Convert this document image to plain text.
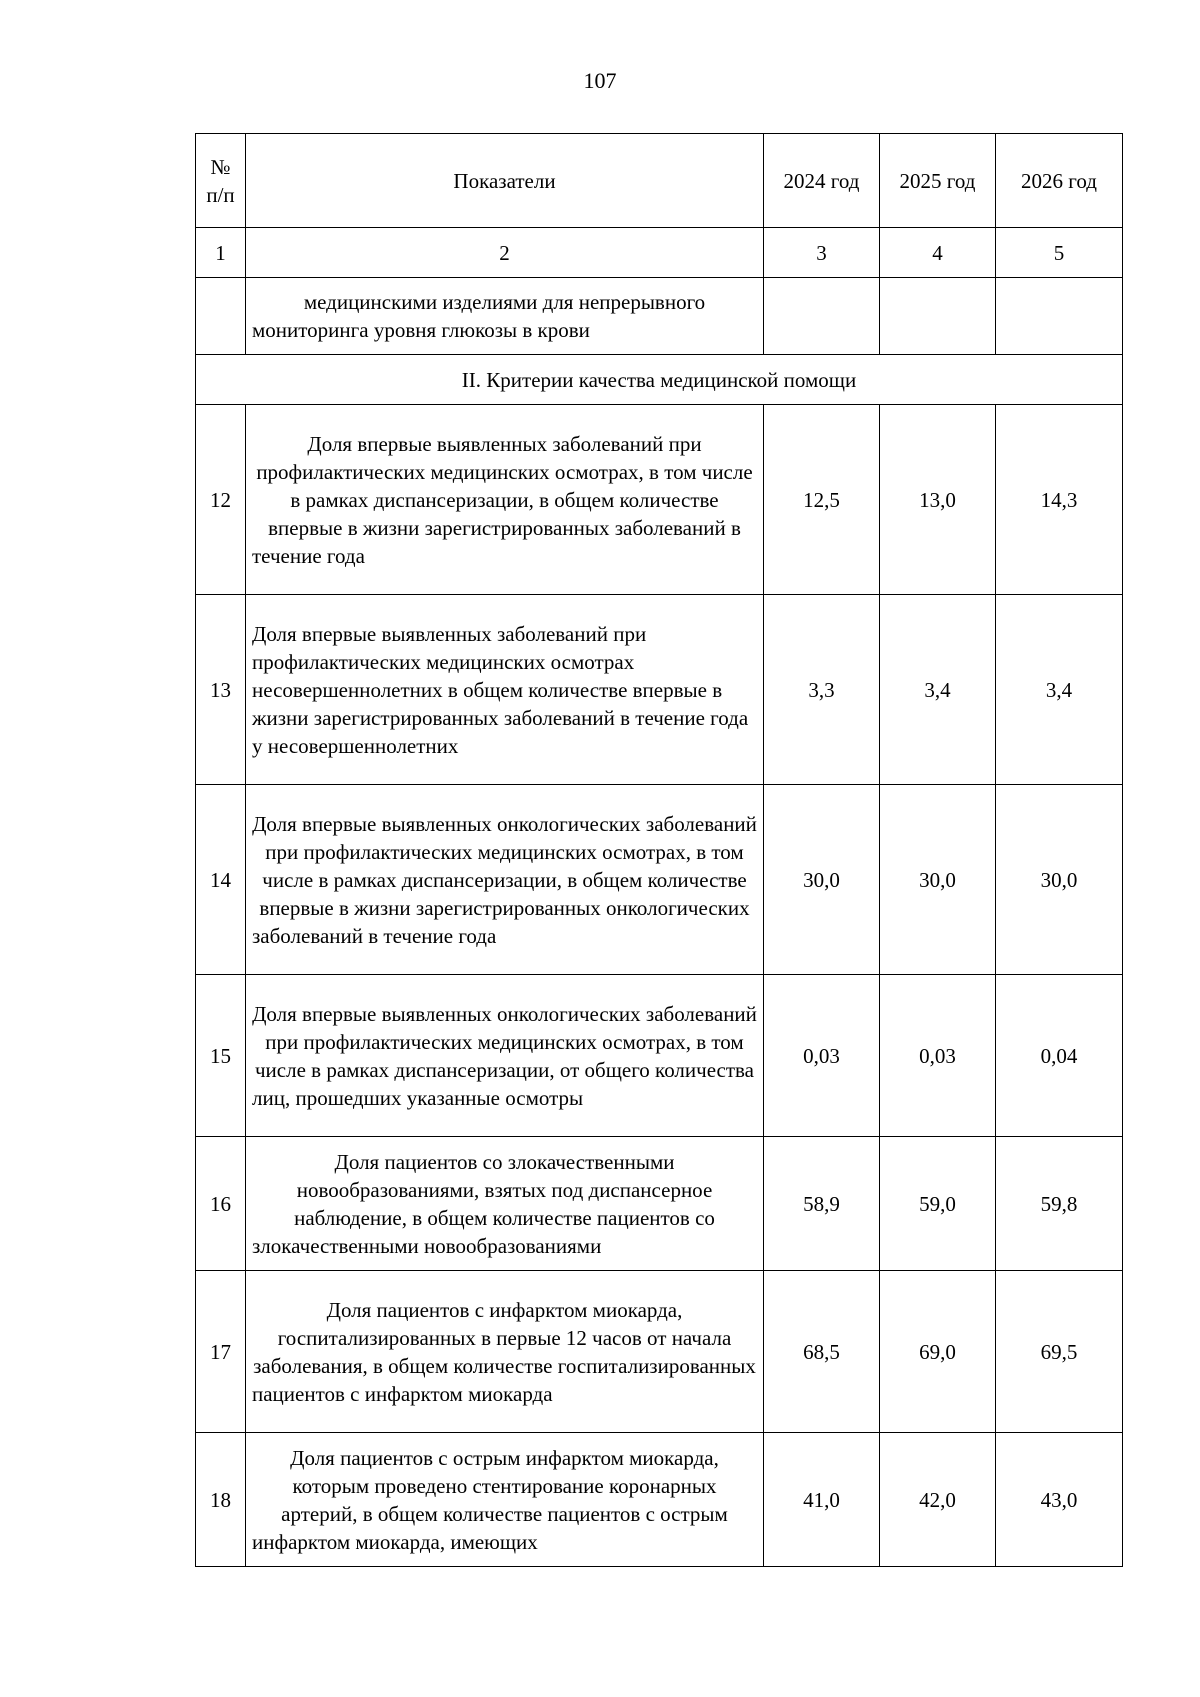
107
№ п/п	Показатели	2024 год	2025 год	2026 год
1	2	3	4	5
	медицинскими изделиями для непрерывного мониторинга уровня глюкозы в крови			
II. Критерии качества медицинской помощи				
12	Доля впервые выявленных заболеваний при профилактических медицинских осмотрах, в том числе в рамках диспансеризации, в общем количестве впервые в жизни зарегистрированных заболеваний в течение года	12,5	13,0	14,3
13	Доля впервые выявленных заболеваний при профилактических медицинских осмотрах несовершеннолетних в общем количестве впервые в жизни зарегистрированных заболеваний в течение года у несовершеннолетних	3,3	3,4	3,4
14	Доля впервые выявленных онкологических заболеваний при профилактических медицинских осмотрах, в том числе в рамках диспансеризации, в общем количестве впервые в жизни зарегистрированных онкологических заболеваний в течение года	30,0	30,0	30,0
15	Доля впервые выявленных онкологических заболеваний при профилактических медицинских осмотрах, в том числе в рамках диспансеризации, от общего количества лиц, прошедших указанные осмотры	0,03	0,03	0,04
16	Доля пациентов со злокачественными новообразованиями, взятых под диспансерное наблюдение, в общем количестве пациентов со злокачественными новообразованиями	58,9	59,0	59,8
17	Доля пациентов с инфарктом миокарда, госпитализированных в первые 12 часов от начала заболевания, в общем количестве госпитализированных пациентов с инфарктом миокарда	68,5	69,0	69,5
18	Доля пациентов с острым инфарктом миокарда, которым проведено стентирование коронарных артерий, в общем количестве пациентов с острым инфарктом миокарда, имеющих	41,0	42,0	43,0
